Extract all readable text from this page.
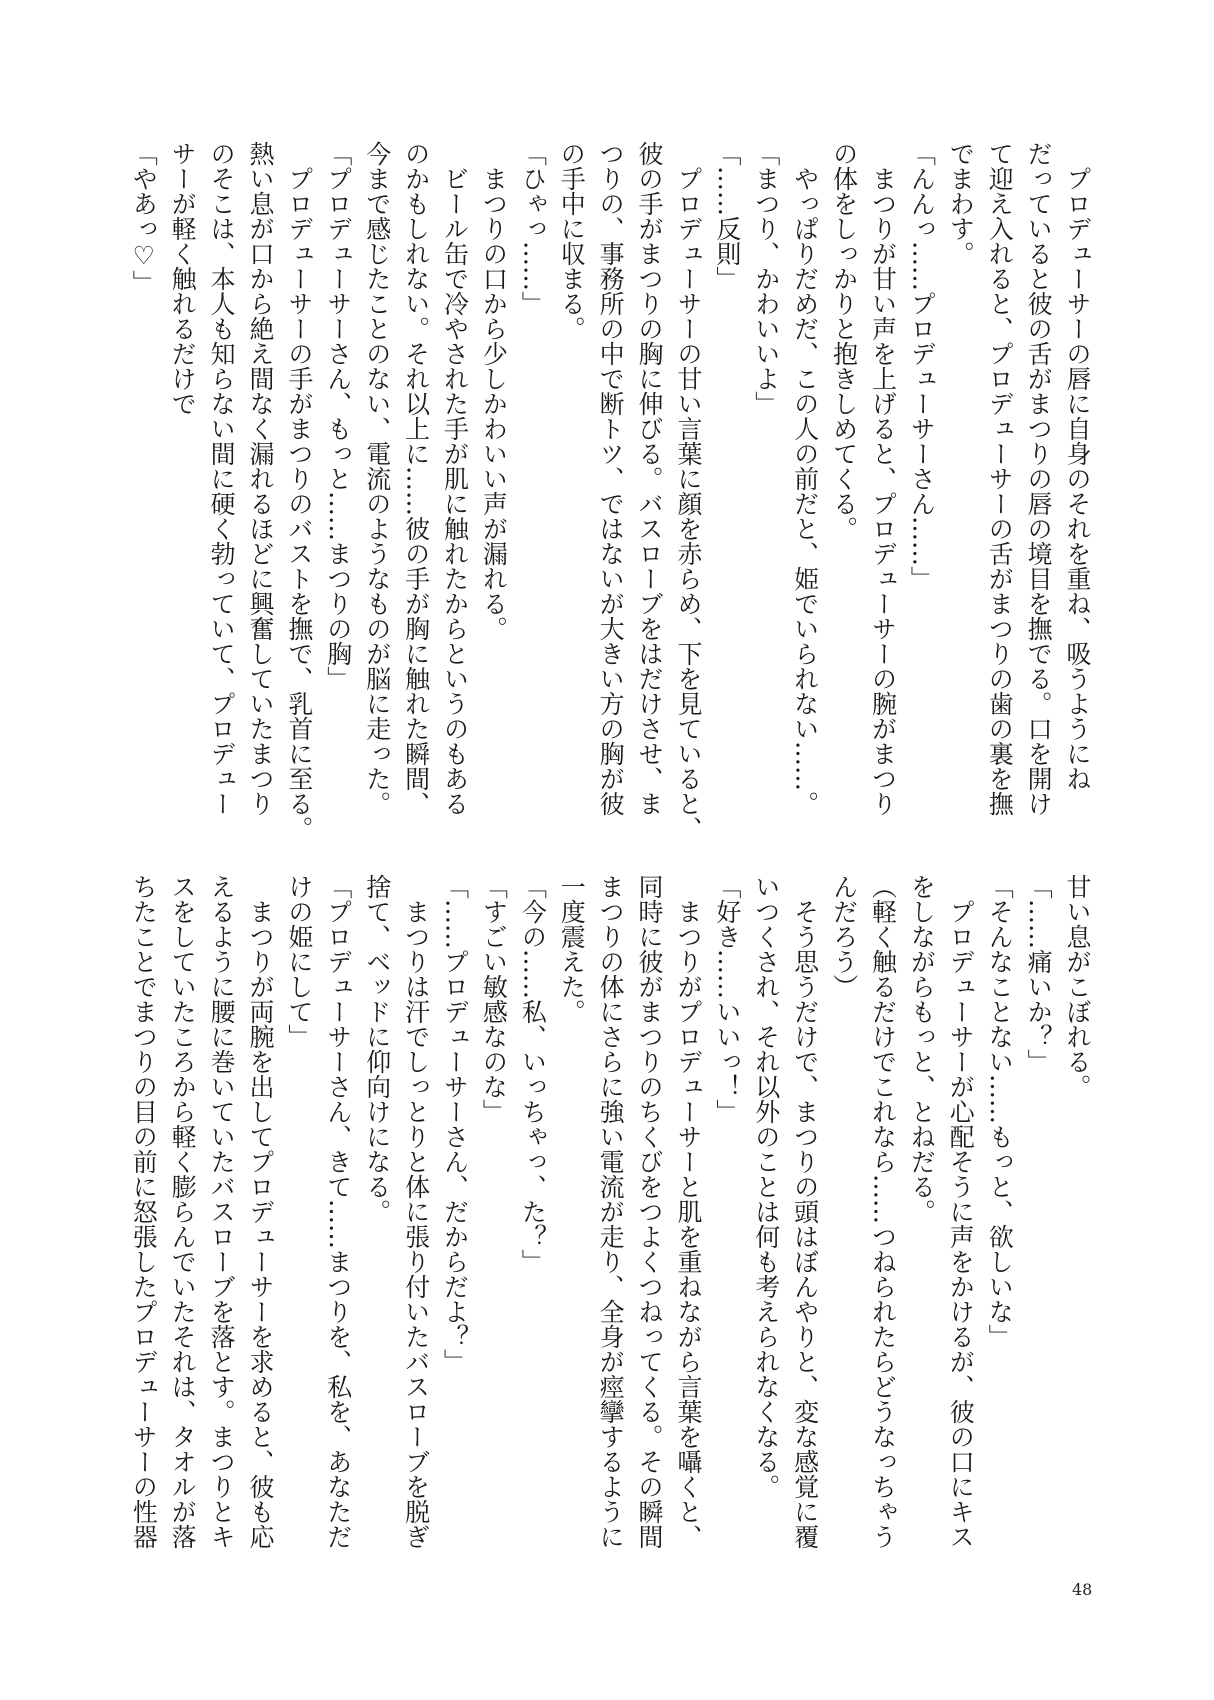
　プロデューサーの唇に自身のそれを重ね、吸うようにね
だっていると彼の舌がまつりの唇の境目を撫でる。口を開け
て迎え入れると、プロデューサーの舌がまつりの歯の裏を撫
でまわす。
「んんっ……プロデューサーさん……」
　まつりが甘い声を上げると、プロデューサーの腕がまつり
の体をしっかりと抱きしめてくる。
　やっぱりだめだ、この人の前だと、姫でいられない……。
「まつり、かわいいよ」
「……反則」
　プロデューサーの甘い言葉に顔を赤らめ、下を見ていると、
彼の手がまつりの胸に伸びる。バスローブをはだけさせ、ま
つりの、事務所の中で断トツ、ではないが大きい方の胸が彼
の手中に収まる。
「ひゃっ……」
　まつりの口から少しかわいい声が漏れる。
　ビール缶で冷やされた手が肌に触れたからというのもある
のかもしれない。それ以上に……彼の手が胸に触れた瞬間、
今まで感じたことのない、電流のようなものが脳に走った。
「プロデューサーさん、もっと……まつりの胸」
　プロデューサーの手がまつりのバストを撫で、乳首に至る。
熱い息が口から絶え間なく漏れるほどに興奮していたまつり
のそこは、本人も知らない間に硬く勃っていて、プロデュー
サーが軽く触れるだけで
「やあっ♡」
甘い息がこぼれる。
「……痛いか？」
「そんなことない……もっと、欲しいな」
　プロデューサーが心配そうに声をかけるが、彼の口にキス
をしながらもっと、とねだる。
（軽く触るだけでこれなら……つねられたらどうなっちゃう
んだろう）
　そう思うだけで、まつりの頭はぼんやりと、変な感覚に覆
いつくされ、それ以外のことは何も考えられなくなる。
「好き……いいっ！」
　まつりがプロデューサーと肌を重ねながら言葉を囁くと、
同時に彼がまつりのちくびをつよくつねってくる。その瞬間
まつりの体にさらに強い電流が走り、全身が痙攣するように
一度震えた。
「今の……私、いっちゃっ、た？」
「すごい敏感なのな」
「……プロデューサーさん、だからだよ？」
　まつりは汗でしっとりと体に張り付いたバスローブを脱ぎ
捨て、ベッドに仰向けになる。
「プロデューサーさん、きて……まつりを、私を、あなただ
けの姫にして」
　まつりが両腕を出してプロデューサーを求めると、彼も応
えるように腰に巻いていたバスローブを落とす。まつりとキ
スをしていたころから軽く膨らんでいたそれは、タオルが落
ちたことでまつりの目の前に怒張したプロデューサーの性器
48
